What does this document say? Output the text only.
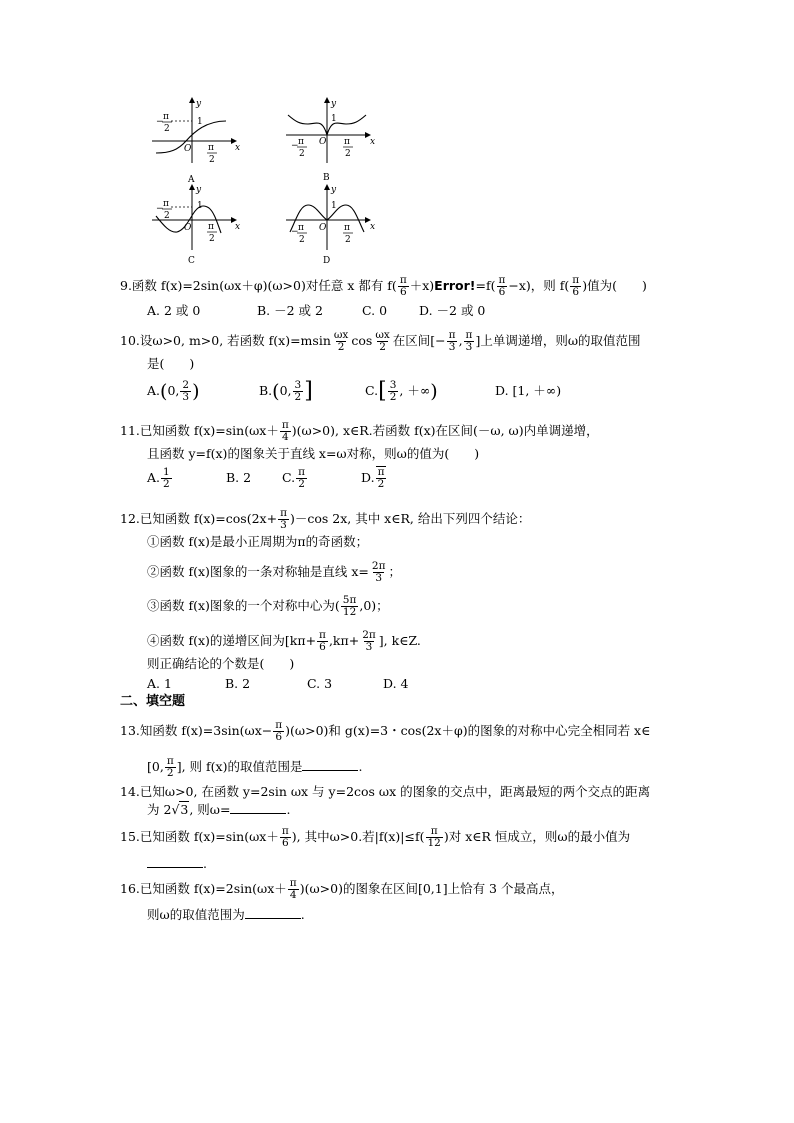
y
x
1
O
− π
2
π
2
A
y
x
1
O
− π
2
π
2
B
y
x
1
O
− π
2
π
2
C
y
x
1
O
− π
2
π
2
D
9.函数 f(x)=2sin(ωx＋φ)(ω>0)对任意 x 都有 $f( \frac{\pi}{6}$ ＋x)Error!=f( $\frac{\pi}{6} -x$)，则 $f( \frac{\pi}{6}$ )值为(　　)
A. 2 或 0	B. －2 或 2	C. 0	D. －2 或 0
10.设ω>0, m>0, 若函数 $f(x)=msin \frac{\omega x}{2}$ $\cos \frac{\omega x}{2}$ 在区间[− $\frac{\pi}{3}$ , $\frac{\pi}{3}$ ]上单调递增，则ω的取值范围
是(　　)
A.(0, $\frac{2}{3}$ )	B.(0, $\frac{3}{2}$ ]	$C.[ \frac{3}{2}$ , ＋∞)	D. [1, ＋∞)
11.已知函数 $f(x)=\sin(\omega x+ \frac{\pi}{4} )(\omega>0)$, x∈R.若函数 f(x)在区间(－ω, ω)内单调递增，
且函数 y=f(x)的图象关于直线 x=ω对称，则ω的值为(　　)
A. $\frac{1}{2}$	B. 2 C. $\frac{\pi}{2}$	D. $\frac{\pi}{2}$
12.已知函数 $f(x)=\cos(2x+ \frac{\pi}{3} )-\cos$ 2x, 其中 x∈R, 给出下列四个结论：
①函数 f(x)是最小正周期为π的奇函数；
②函数 f(x)图象的一条对称轴是直线 $x= \frac{2\pi}{3}$ ；
③函数 f(x)图象的一个对称中心为( $\frac{5\pi}{12} ,0$)；
④函数 f(x)的递增区间为[$k\pi+ \frac{\pi}{6} ,k\pi+ \frac{2\pi}{3}$ ], k∈Z.
则正确结论的个数是(　　)
A. 1	B. 2	C. 3	D. 4
二、填空题
13.知函数 $f(x)=3\sin(\omega x- \frac{\pi}{6} )(\omega>0)$和 g(x)=3・cos(2x＋φ)的图象的对称中心完全相同若 x∈
[0, $\frac{\pi}{2}$ ], 则 f(x)的取值范围是	.
14.已知ω>0, 在函数 y=2sin ωx 与 y=2cos ωx 的图象的交点中，距离最短的两个交点的距离
为 2√3, 则ω=	.
15.已知函数 $f(x)=\sin(\omega x+ \frac{\pi}{6}$ ), 其中ω>0.若$|f(x)|\le f( \frac{\pi}{12}$ )对 x∈R 恒成立，则ω的最小值为
.
16.已知函数 $f(x)=2\sin(\omega x+ \frac{\pi}{4} )(\omega>0)$的图象在区间[0,1]上恰有 3 个最高点，
则ω的取值范围为	.
